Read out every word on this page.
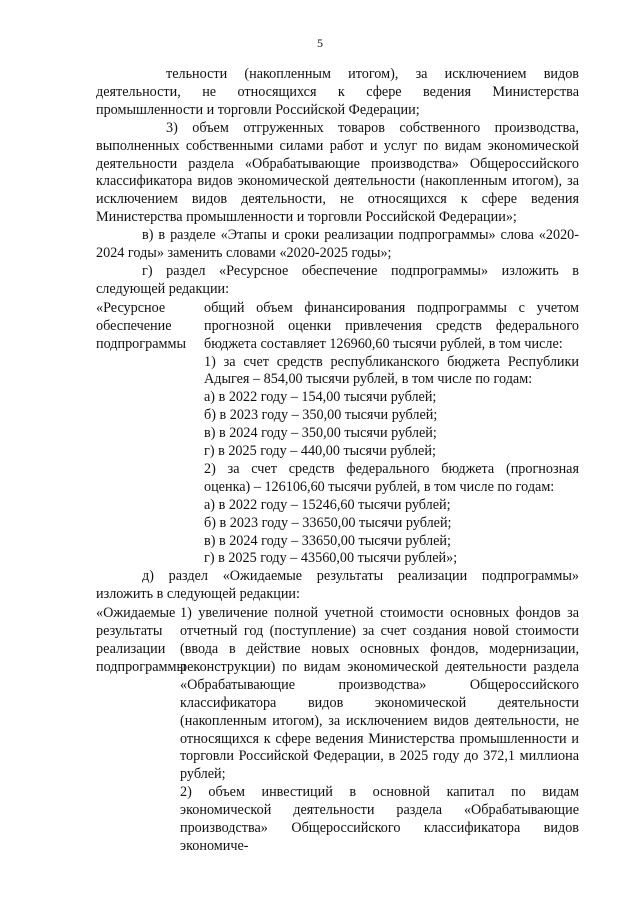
5

тельности (накопленным итогом), за исключением видов деятельности, не относящихся к сфере ведения Министерства промышленности и торговли Российской Федерации;

3) объем отгруженных товаров собственного производства, выполненных собственными силами работ и услуг по видам экономической деятельности раздела «Обрабатывающие производства» Общероссийского классификатора видов экономической деятельности (накопленным итогом), за исключением видов деятельности, не относящихся к сфере ведения Министерства промышленности и торговли Российской Федерации»;

в) в разделе «Этапы и сроки реализации подпрограммы» слова «2020-2024 годы» заменить словами «2020-2025 годы»;

г) раздел «Ресурсное обеспечение подпрограммы» изложить в следующей редакции:

«Ресурсное обеспечение подпрограммы

общий объем финансирования подпрограммы с учетом прогнозной оценки привлечения средств федерального бюджета составляет 126960,60 тысячи рублей, в том числе:

1) за счет средств республиканского бюджета Республики Адыгея – 854,00 тысячи рублей, в том числе по годам:

а) в 2022 году – 154,00 тысячи рублей;

б) в 2023 году – 350,00 тысячи рублей;

в) в 2024 году – 350,00 тысячи рублей;

г) в 2025 году – 440,00 тысячи рублей;

2) за счет средств федерального бюджета (прогнозная оценка) – 126106,60 тысячи рублей, в том числе по годам:

а) в 2022 году – 15246,60 тысячи рублей;

б) в 2023 году – 33650,00 тысячи рублей;

в) в 2024 году – 33650,00 тысячи рублей;

г) в 2025 году – 43560,00 тысячи рублей»;

д) раздел «Ожидаемые результаты реализации подпрограммы» изложить в следующей редакции:

«Ожидаемые результаты реализации подпрограммы

1) увеличение полной учетной стоимости основных фондов за отчетный год (поступление) за счет создания новой стоимости (ввода в действие новых основных фондов, модернизации, реконструкции) по видам экономической деятельности раздела «Обрабатывающие производства» Общероссийского классификатора видов экономической деятельности (накопленным итогом), за исключением видов деятельности, не относящихся к сфере ведения Министерства промышленности и торговли Российской Федерации, в 2025 году до 372,1 миллиона рублей;

2) объем инвестиций в основной капитал по видам экономической деятельности раздела «Обрабатывающие производства» Общероссийского классификатора видов экономиче-
